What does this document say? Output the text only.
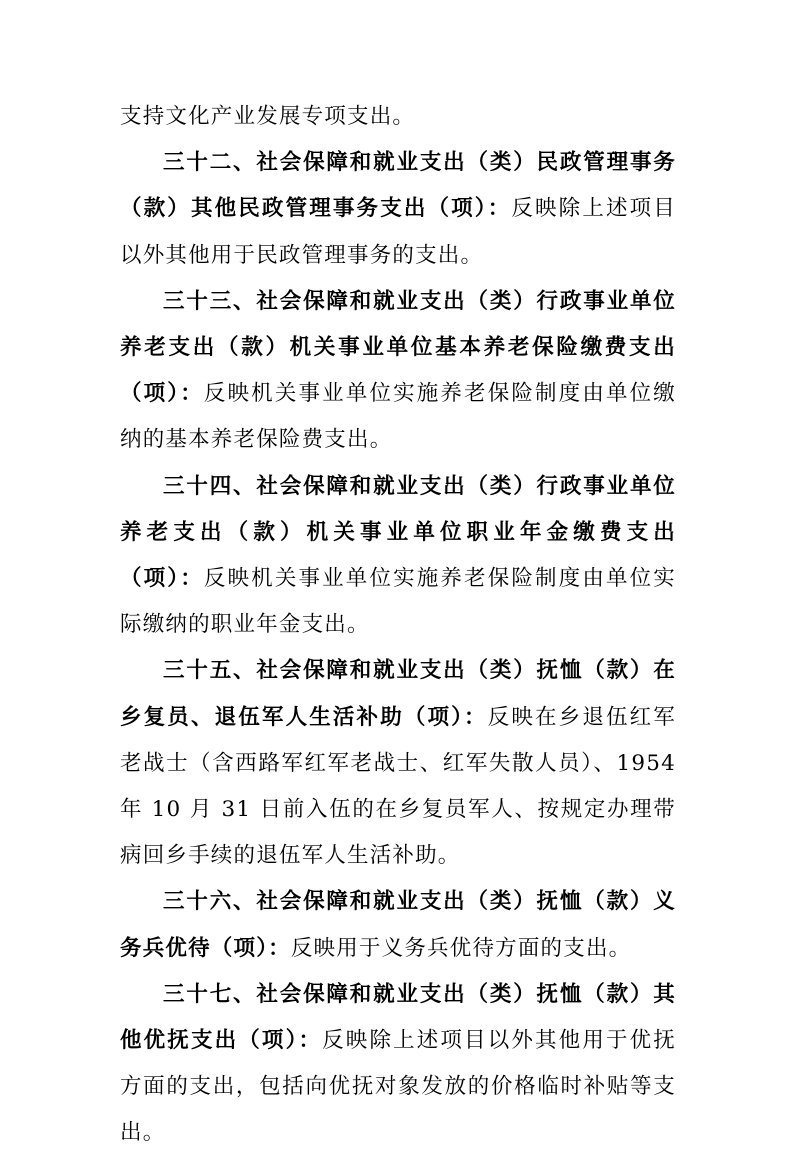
支持文化产业发展专项支出。

三十二、社会保障和就业支出（类）民政管理事务（款）其他民政管理事务支出（项）：反映除上述项目以外其他用于民政管理事务的支出。

三十三、社会保障和就业支出（类）行政事业单位养老支出（款）机关事业单位基本养老保险缴费支出（项）：反映机关事业单位实施养老保险制度由单位缴纳的基本养老保险费支出。

三十四、社会保障和就业支出（类）行政事业单位养老支出（款）机关事业单位职业年金缴费支出（项）：反映机关事业单位实施养老保险制度由单位实际缴纳的职业年金支出。

三十五、社会保障和就业支出（类）抚恤（款）在乡复员、退伍军人生活补助（项）：反映在乡退伍红军老战士（含西路军红军老战士、红军失散人员）、1954 年 10 月 31 日前入伍的在乡复员军人、按规定办理带病回乡手续的退伍军人生活补助。

三十六、社会保障和就业支出（类）抚恤（款）义务兵优待（项）：反映用于义务兵优待方面的支出。

三十七、社会保障和就业支出（类）抚恤（款）其他优抚支出（项）：反映除上述项目以外其他用于优抚方面的支出，包括向优抚对象发放的价格临时补贴等支出。
